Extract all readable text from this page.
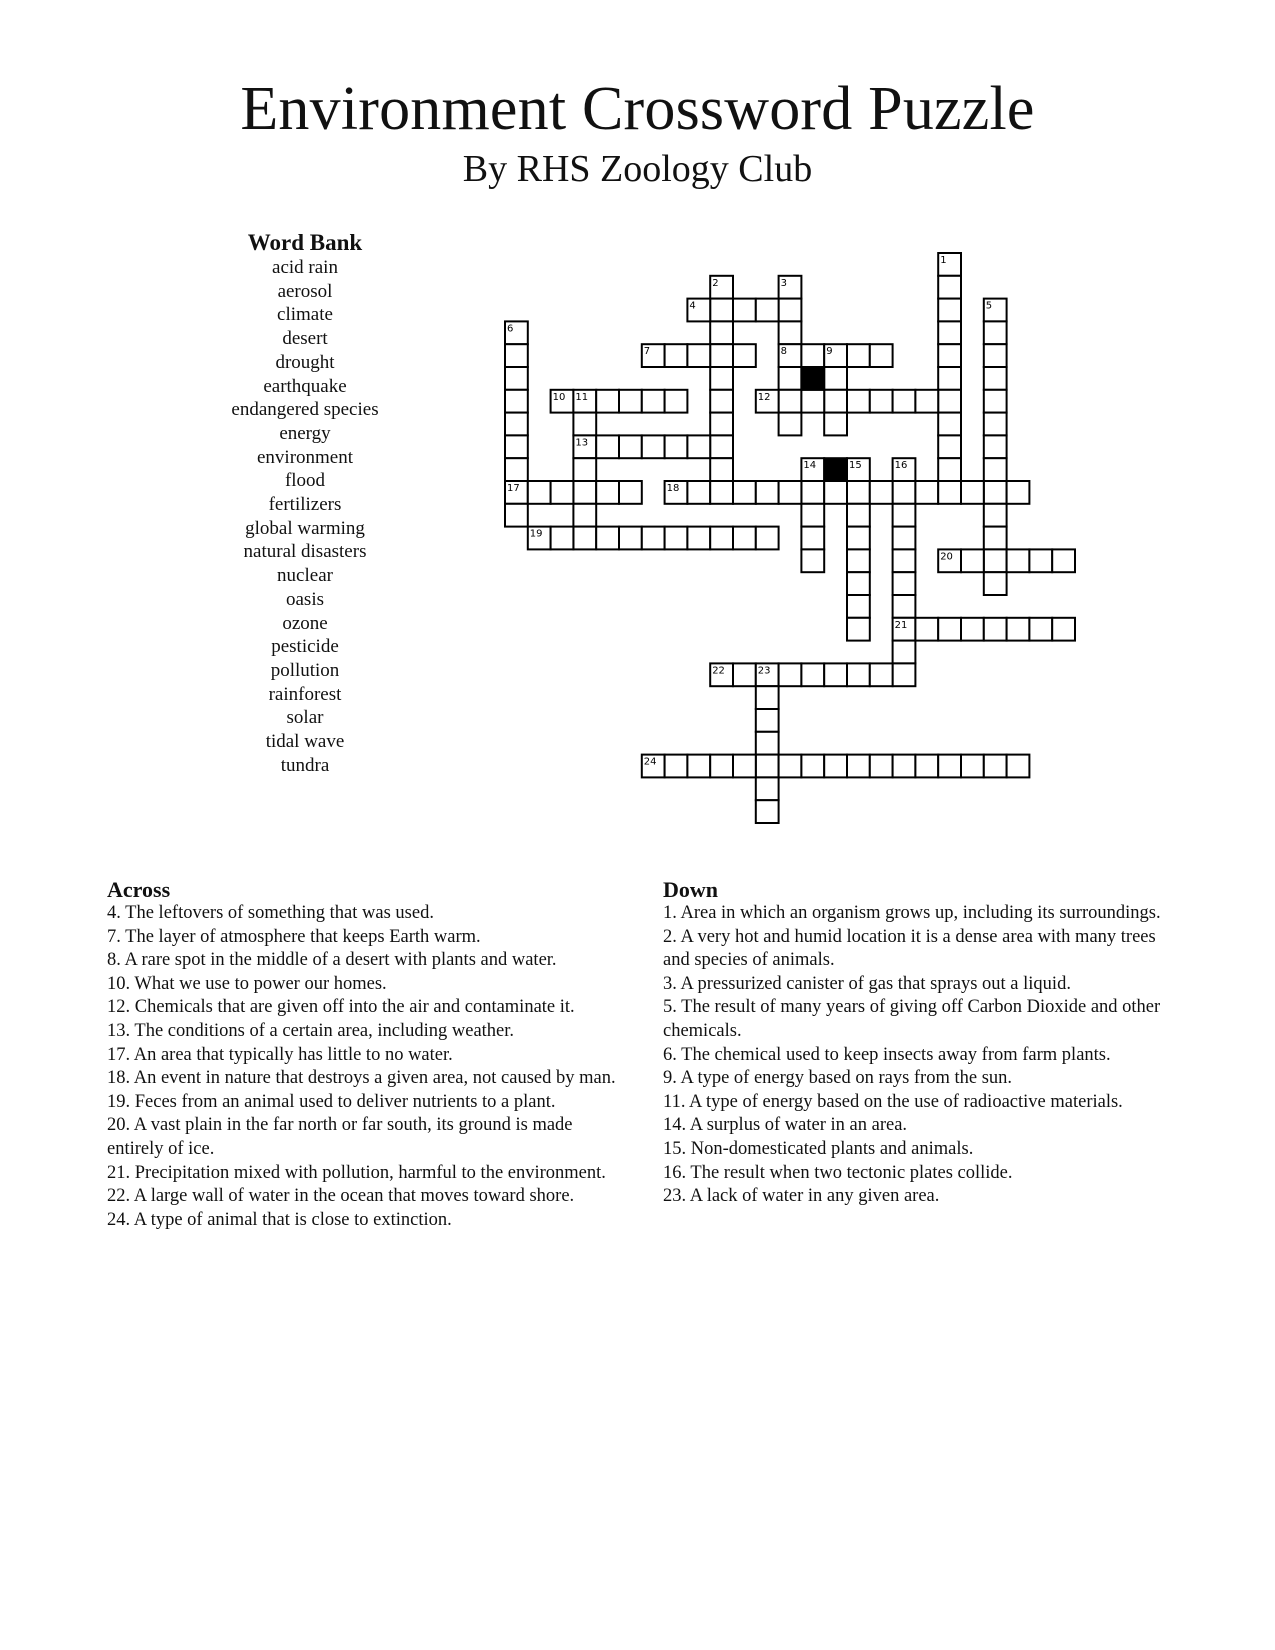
Environment Crossword Puzzle
By RHS Zoology Club
Word Bank
acid rain
aerosol
climate
desert
drought
earthquake
endangered species
energy
environment
flood
fertilizers
global warming
natural disasters
nuclear
oasis
ozone
pesticide
pollution
rainforest
solar
tidal wave
tundra
1
2	3
4	5
6
7	8	9
10 11	12
13
14	15	16
17	18
19
20
21
22	23
24
Across
4. The leftovers of something that was used.
7. The layer of atmosphere that keeps Earth warm.
8. A rare spot in the middle of a desert with plants and water.
10. What we use to power our homes.
12. Chemicals that are given off into the air and contaminate it.
13. The conditions of a certain area, including weather.
17. An area that typically has little to no water.
18. An event in nature that destroys a given area, not caused by man.
19. Feces from an animal used to deliver nutrients to a plant.
20. A vast plain in the far north or far south, its ground is made entirely of ice.
21. Precipitation mixed with pollution, harmful to the environment.
22. A large wall of water in the ocean that moves toward shore.
24. A type of animal that is close to extinction.
Down
1. Area in which an organism grows up, including its surroundings.
2. A very hot and humid location it is a dense area with many trees and species of animals.
3. A pressurized canister of gas that sprays out a liquid.
5. The result of many years of giving off Carbon Dioxide and other chemicals.
6. The chemical used to keep insects away from farm plants.
9. A type of energy based on rays from the sun.
11. A type of energy based on the use of radioactive materials.
14. A surplus of water in an area.
15. Non-domesticated plants and animals.
16. The result when two tectonic plates collide.
23. A lack of water in any given area.
